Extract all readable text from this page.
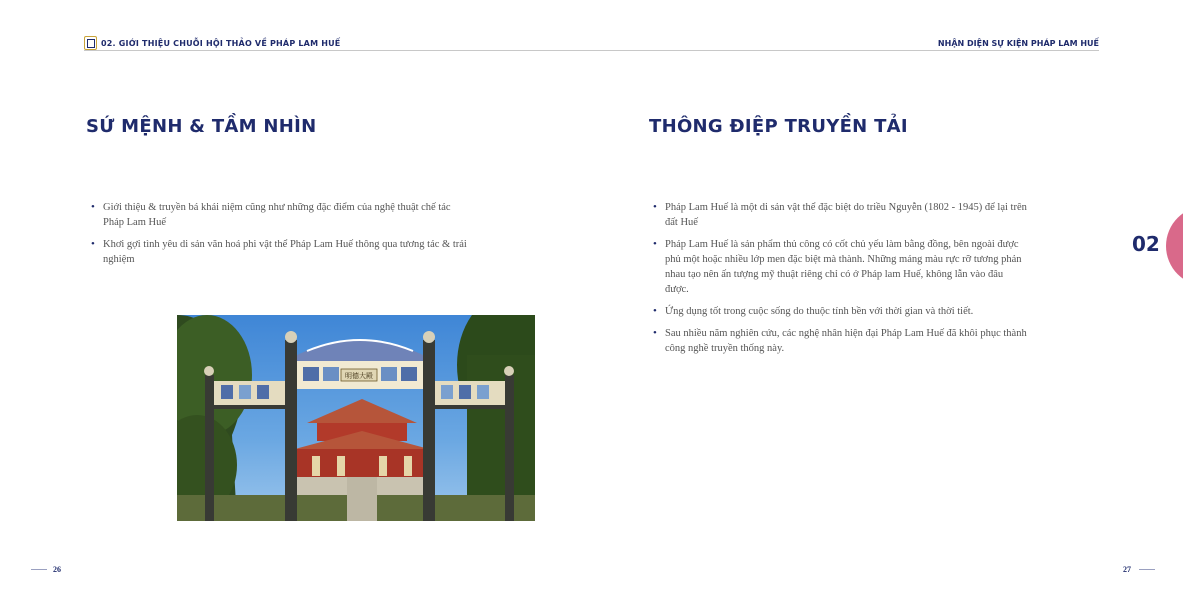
02. GIỚI THIỆU CHUỖI HỘI THẢO VỀ PHÁP LAM HUẾ	NHẬN DIỆN SỰ KIỆN PHÁP LAM HUẾ
SỨ MỆNH & TẦM NHÌN
• Giới thiệu & truyền bá khái niệm cũng như những đặc điểm của nghệ thuật chế tác Pháp Lam Huế
• Khơi gợi tình yêu di sản văn hoá phi vật thể Pháp Lam Huế thông qua tương tác & trải nghiệm
明德大殿
THÔNG ĐIỆP TRUYỀN TẢI
• Pháp Lam Huế là một di sản vật thể đặc biệt do triều Nguyễn (1802 - 1945) để lại trên đất Huế
• Pháp Lam Huế là sản phẩm thủ công có cốt chủ yếu làm bằng đồng, bên ngoài được phủ một hoặc nhiều lớp men đặc biệt mà thành. Những mảng màu rực rỡ tương phản nhau tạo nên ấn tượng mỹ thuật riêng chỉ có ở Pháp lam Huế, không lẫn vào đâu được.
• Ứng dụng tốt trong cuộc sống do thuộc tính bền với thời gian và thời tiết.
• Sau nhiều năm nghiên cứu, các nghệ nhân hiện đại Pháp Lam Huế đã khôi phục thành công nghề truyền thống này.
02
26	27
